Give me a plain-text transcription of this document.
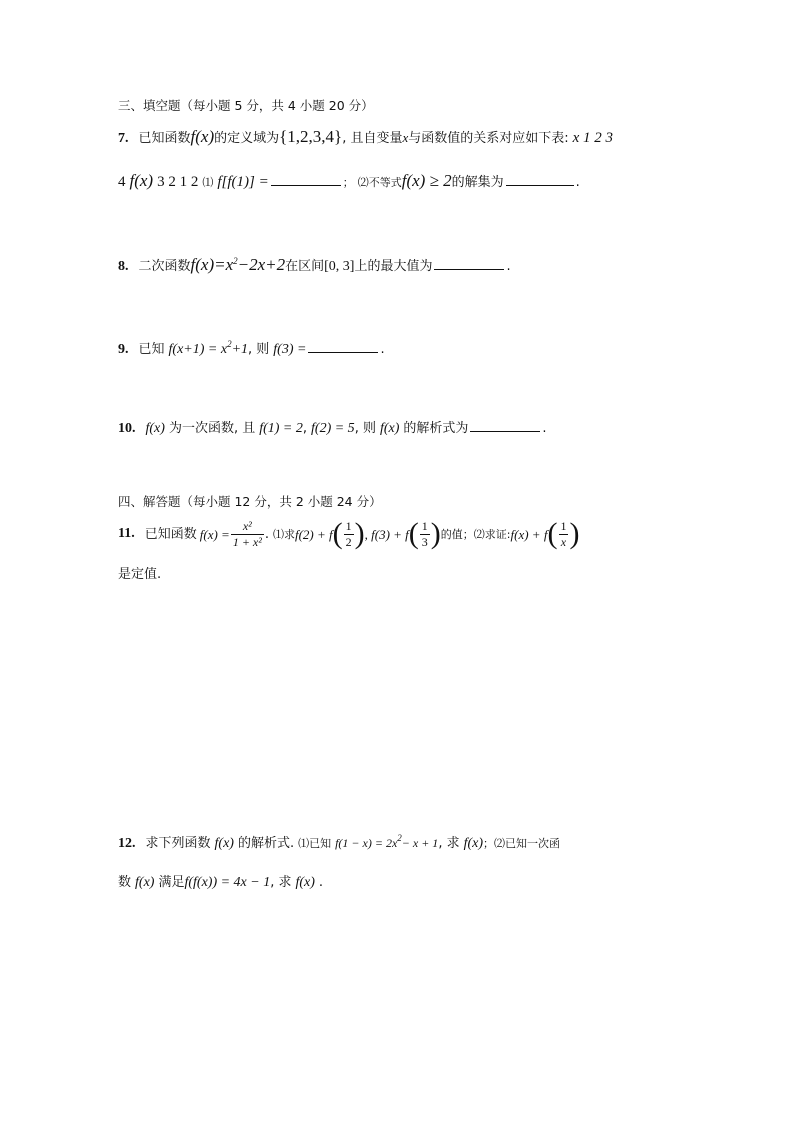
三、填空题（每小题 5 分，共 4 小题 20 分）
7. 已知函数f(x)的定义域为{1,2,3,4}, 且自变量x与函数值的关系对应如下表: x 1 2 3
4 f(x) 3 2 1 2 ⑴ f[f(1)] =	； ⑵不等式f(x) ≥ 2的解集为	.
8. 二次函数$f(x)=x^2-2x+2$在区间[0, 3]上的最大值为	.
9. 已知 $f(x+1) = x^2+1$, 则 f(3) =	.
10. f(x) 为一次函数, 且 f(1) = 2, f(2) = 5, 则 f(x) 的解析式为	.
四、解答题（每小题 12 分，共 2 小题 24 分）
11. 已知函数 $f(x) = \frac{\text{x²}}{\text{1 + x²}}$ . ⑴求 f(2) + f ( $\frac{1}{2}$ ) , f(3) + f ( $\frac{1}{3}$ ) 的值；⑵求证: f(x) + f ( $\frac{1}{x}$ )
是定值.
12. 求下列函数 f(x) 的解析式. ⑴已知 $f(1 - x) = 2x^2- x + 1$, 求 f(x)；⑵已知一次函
数 f(x) 满足f(f(x)) = 4x − 1, 求 f(x) .
